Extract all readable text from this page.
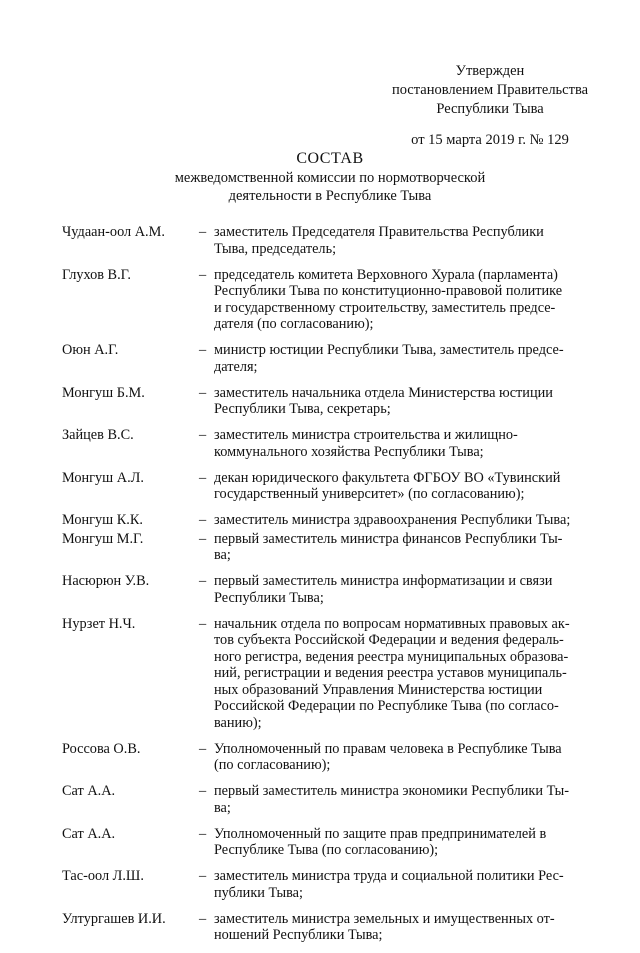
Утвержден
постановлением Правительства
Республики Тыва
от 15 марта 2019 г. № 129
СОСТАВ
межведомственной комиссии по нормотворческой
деятельности в Республике Тыва
Чудаан-оол А.М.	– заместитель Председателя Правительства Республики
Тыва, председатель;
Глухов В.Г.	– председатель комитета Верховного Хурала (парламента)
Республики Тыва по конституционно-правовой политике
и государственному строительству, заместитель предсе-
дателя (по согласованию);
Оюн А.Г.	– министр юстиции Республики Тыва, заместитель предсе-
дателя;
Монгуш Б.М.	– заместитель начальника отдела Министерства юстиции
Республики Тыва, секретарь;
Зайцев В.С.	– заместитель министра строительства и жилищно-
коммунального хозяйства Республики Тыва;
Монгуш А.Л.	– декан юридического факультета ФГБОУ ВО «Тувинский
государственный университет» (по согласованию);
Монгуш К.К.	– заместитель министра здравоохранения Республики Тыва;
Монгуш М.Г.	– первый заместитель министра финансов Республики Ты-
ва;
Насюрюн У.В.	– первый заместитель министра информатизации и связи
Республики Тыва;
Нурзет Н.Ч.	– начальник отдела по вопросам нормативных правовых ак-
тов субъекта Российской Федерации и ведения федераль-
ного регистра, ведения реестра муниципальных образова-
ний, регистрации и ведения реестра уставов муниципаль-
ных образований Управления Министерства юстиции
Российской Федерации по Республике Тыва (по согласо-
ванию);
Россова О.В.	– Уполномоченный по правам человека в Республике Тыва
(по согласованию);
Сат А.А.	– первый заместитель министра экономики Республики Ты-
ва;
Сат А.А.	– Уполномоченный по защите прав предпринимателей в
Республике Тыва (по согласованию);
Тас-оол Л.Ш.	– заместитель министра труда и социальной политики Рес-
публики Тыва;
Ултургашев И.И.	– заместитель министра земельных и имущественных от-
ношений Республики Тыва;
